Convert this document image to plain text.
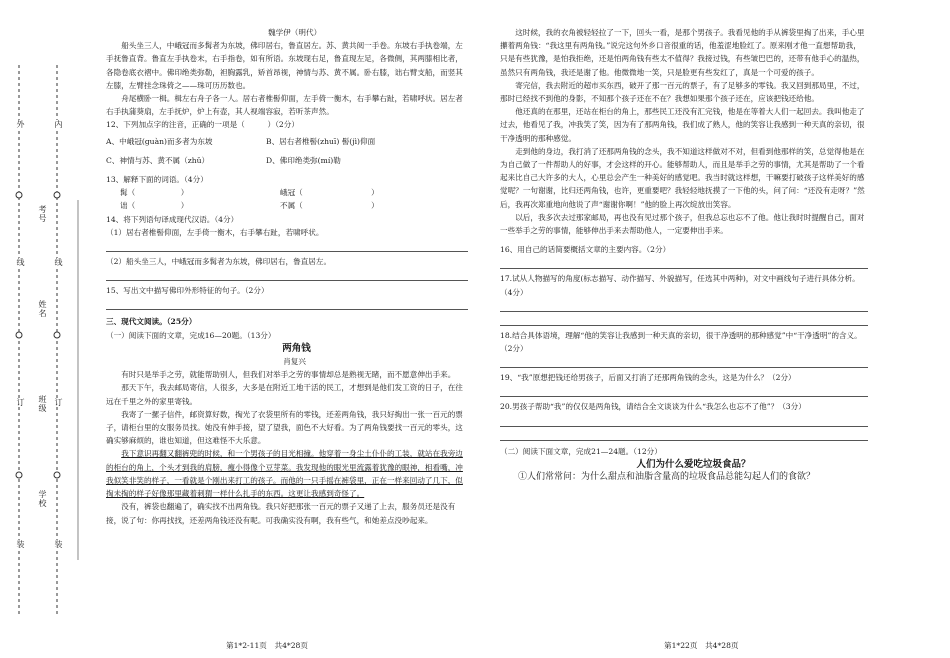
考号
姓名
班级
学校
线
订
装
外
线
订
装
内

魏学伊（明代）

船头坐三人，中峨冠而多髯者为东坡，佛印居右，鲁直居左。苏、黄共阅一手卷。东坡右手执卷端，左手抚鲁直背。鲁直左手执卷末，右手指卷，如有所语。东坡现右足，鲁直现左足，各微侧，其两膝相比者，各隐卷底衣褶中。佛印绝类弥勒，袒胸露乳，矫首昂视，神情与苏、黄不属。卧右膝，诎右臂支船，而竖其左膝，左臂挂念珠倚之——珠可历历数也。

舟尾横卧一楫。楫左右舟子各一人。居右者椎髻仰面，左手倚一衡木，右手攀右趾，若啸呼状。居左者右手执蒲葵扇，左手抚炉，炉上有壶，其人视端容寂，若听茶声然。

12、下列加点字的注音，正确的一项是（　　　）（2分）

A、中峨冠(guàn)而多者为东坡	B、居右者椎髻(zhuī) 髻(jì)仰面
C、神情与苏、黄不属（zhǔ）	D、佛印绝类弥(mí)勒

13、解释下面的词语。（4分）

髯（　　　　　　）	峨冠（　　　　　　　　　）
诎（　　　　　　）	不属（　　　　　　　　　）

14、将下列语句译成现代汉语。（4分）

（1）居右者椎髻仰面，左手倚一衡木，右手攀右趾，若啸呼状。

（2）船头坐三人，中峨冠而多髯者为东坡，佛印居右，鲁直居左。

15、写出文中描写佛印外形特征的句子。（2分）

三、现代文阅读。（25分）

（一）阅读下面的文章，完成16—20题。（13分）

两角钱

肖复兴

有时只是举手之劳，就能帮助别人，但我们对举手之劳的事情却总是熟视无睹，而不愿意伸出手来。

那天下午，我去邮局寄信，人很多，大多是在附近工地干活的民工，才想到是他们发工资的日子，在往远在千里之外的家里寄钱。

我寄了一摞子信件，邮资算好数，掏光了衣袋里所有的零钱，还差两角钱，我只好掏出一张一百元的票子，请柜台里的女服务员找。她没有伸手接，望了望我，面色不大好看。为了两角钱要找一百元的零头，这确实够麻烦的，谁也知道，但这难怪不大乐意。

我下意识再翻又翻裤兜的时候，和一个男孩子的目光相撞。他穿着一身尘土仆仆的工装，就站在我旁边的柜台的角上，个头才到我的肩膀，瘦小得像个豆芽菜。我发现他的眼光里流露着犹豫的眼神，相看嘴，冲我似笑非笑的样子，一看就是个刚出来打工的孩子。而他的一只手摇在裤袋里，正在一样来回动了几下，似掏未掏的样子好像那里藏着刺猬一样什么扎手的东西。这更让我感到奇怪了。

没有，裤袋也翻遍了，确实找不出两角钱。我只好把那张一百元的票子又递了上去，服务员还是没有接，说了句：你再找找，还差两角钱还没有呢。可我确实没有啊，我有些气，和她差点没吵起来。

第1*2-11页　共4*28页

这时候，我的衣角被轻轻拉了一下，回头一看，是那个男孩子。我看见他的手从裤袋里掏了出来，手心里攥着两角钱：“我这里有两角钱。”说完这句外乡口音很重的话，他羞涩地脸红了。原来刚才他一直想帮助我，只是有些犹豫，是怕我拒绝，还是怕两角钱有些太不值得？我接过钱，有些皱巴巴的，还带有他手心的温热，虽然只有两角钱，我还是谢了他。他微微地一笑，只是脸更有些发红了，真是一个可爱的孩子。

寄完信，我去附近的超市买东西，破开了那一百元的票子，有了足够多的零钱。我又回到那局里，不过，那时已经找不到他的身影，不知那个孩子还在不在？我想如果那个孩子还在，应该把钱还给他。

他还真的在那里，还站在柜台的角上，那些民工还没有汇完钱，他是在等着大人们一起回去。我叫他走了过去，他看见了我，冲我笑了笑，因为有了那两角钱，我们成了熟人，他的笑容让我感到一种天真的亲切，很干净透明的那种感觉。

走到他的身边，我打消了还那两角钱的念头，我不知道这样做对不对，但看到他那样的笑，总觉得他是在为自己做了一件帮助人的好事，才会这样的开心。能够帮助人，而且是举手之劳的事情，尤其是帮助了一个看起来比自己大许多的大人，心里总会产生一种美好的感觉吧。我当时就这样想，干嘛要打破孩子这样美好的感觉呢？一句谢谢，比归还两角钱，也许，更重要吧？我轻轻地抚摸了一下他的头，问了问：“还没有走呀？”然后，我再次郑重地向他说了声“谢谢你啊！”他的脸上再次绽放出笑容。

以后，我多次去过那家邮局，再也没有见过那个孩子，但我总忘也忘不了他。他让我时时提醒自己，面对一些举手之劳的事情，能够伸出手来去帮助他人，一定要伸出手来。

16、用自己的话简要概括文章的主要内容。（2分）

17.试从人物描写的角度(标志描写、动作描写、外貌描写，任选其中两种)，对文中画线句子进行具体分析。（4分）

18.结合具体语境，理解“他的笑容让我感到一种天真的亲切，很干净透明的那种感觉”中“干净透明”的含义。（2分）

19、“我”原想把钱还给男孩子，后面又打消了还那两角钱的念头，这是为什么？（2分）

20.男孩子帮助“我”的仅仅是两角钱，请结合全文谈谈为什么“我怎么也忘不了他”？（3分）

（二）阅读下面文章，完成21—24题。（12分）

人们为什么爱吃垃圾食品？

①人们常常问：为什么甜点和油脂含量高的垃圾食品总能勾起人们的食欲？

第1*22页　共4*28页
